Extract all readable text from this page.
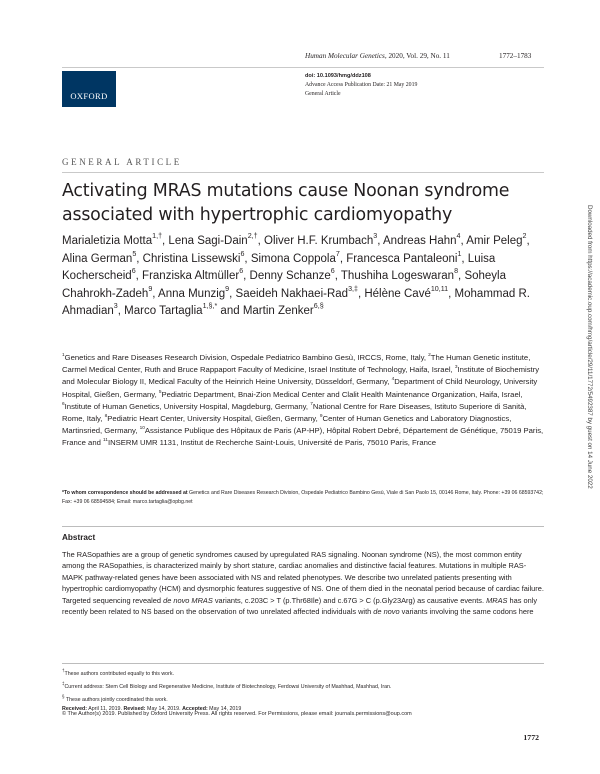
OXFORD
Human Molecular Genetics, 2020, Vol. 29, No. 11	1772–1783
doi: 10.1093/hmg/ddz108
Advance Access Publication Date: 21 May 2019
General Article
GENERAL ARTICLE
Activating MRAS mutations cause Noonan syndrome associated with hypertrophic cardiomyopathy
Marialetizia Motta$^{1,\dagger}$, Lena Sagi-Dain$^{2,\dagger}$, Oliver H.F. Krumbach$^3$, Andreas Hahn$^4$, Amir Peleg$^2$, Alina German$^5$, Christina Lissewski$^6$, Simona Coppola$^7$, Francesca Pantaleoni$^1$, Luisa Kocherscheid$^6$, Franziska Altmüller$^6$, Denny Schanze$^6$, Thushiha Logeswaran$^8$, Soheyla Chahrokh-Zadeh$^9$, Anna Munzig$^9$, Saeideh Nakhaei-Rad$^{3,\ddagger}$, Hélène Cavé$^{10,11}$, Mohammad R. Ahmadian$^3$, Marco Tartaglia$^{1,\S,*}$ and Martin Zenker$^{6,\S}$
$^1$Genetics and Rare Diseases Research Division, Ospedale Pediatrico Bambino Gesù, IRCCS, Rome, Italy, $^2$The Human Genetic institute, Carmel Medical Center, Ruth and Bruce Rappaport Faculty of Medicine, Israel Institute of Technology, Haifa, Israel, $^3$Institute of Biochemistry and Molecular Biology II, Medical Faculty of the Heinrich Heine University, Düsseldorf, Germany, $^4$Department of Child Neurology, University Hospital, Gießen, Germany, $^5$Pediatric Department, Bnai-Zion Medical Center and Clalit Health Maintenance Organization, Haifa, Israel, $^6$Institute of Human Genetics, University Hospital, Magdeburg, Germany, $^7$National Centre for Rare Diseases, Istituto Superiore di Sanità, Rome, Italy, $^8$Pediatric Heart Center, University Hospital, Gießen, Germany, $^9$Center of Human Genetics and Laboratory Diagnostics, Martinsried, Germany, $^{10}$Assistance Publique des Hôpitaux de Paris (AP-HP), Hôpital Robert Debré, Département de Génétique, 75019 Paris, France and $^{11}$INSERM UMR 1131, Institut de Recherche Saint-Louis, Université de Paris, 75010 Paris, France
*To whom correspondence should be addressed at Genetics and Rare Diseases Research Division, Ospedale Pediatrico Bambino Gesù, Viale di San Paolo 15, 00146 Rome, Italy. Phone: +39 06 68593742; Fax: +39 06 68594584; Email: marco.tartaglia@opbg.net
Abstract
The RASopathies are a group of genetic syndromes caused by upregulated RAS signaling. Noonan syndrome (NS), the most common entity among the RASopathies, is characterized mainly by short stature, cardiac anomalies and distinctive facial features. Mutations in multiple RAS-MAPK pathway-related genes have been associated with NS and related phenotypes. We describe two unrelated patients presenting with hypertrophic cardiomyopathy (HCM) and dysmorphic features suggestive of NS. One of them died in the neonatal period because of cardiac failure. Targeted sequencing revealed de novo MRAS variants, c.203C > T (p.Thr68Ile) and c.67G > C (p.Gly23Arg) as causative events. MRAS has only recently been related to NS based on the observation of two unrelated affected individuals with de novo variants involving the same codons here
†These authors contributed equally to this work.
‡Current address: Stem Cell Biology and Regenerative Medicine, Institute of Biotechnology, Ferdowsi University of Mashhad, Mashhad, Iran.
§ These authors jointly coordinated this work.
Received: April 11, 2019. Revised: May 14, 2019. Accepted: May 14, 2019
© The Author(s) 2019. Published by Oxford University Press. All rights reserved. For Permissions, please email: journals.permissions@oup.com
1772
Downloaded from https://academic.oup.com/hmg/article/29/11/1772/5492387 by guest on 14 June 2022
